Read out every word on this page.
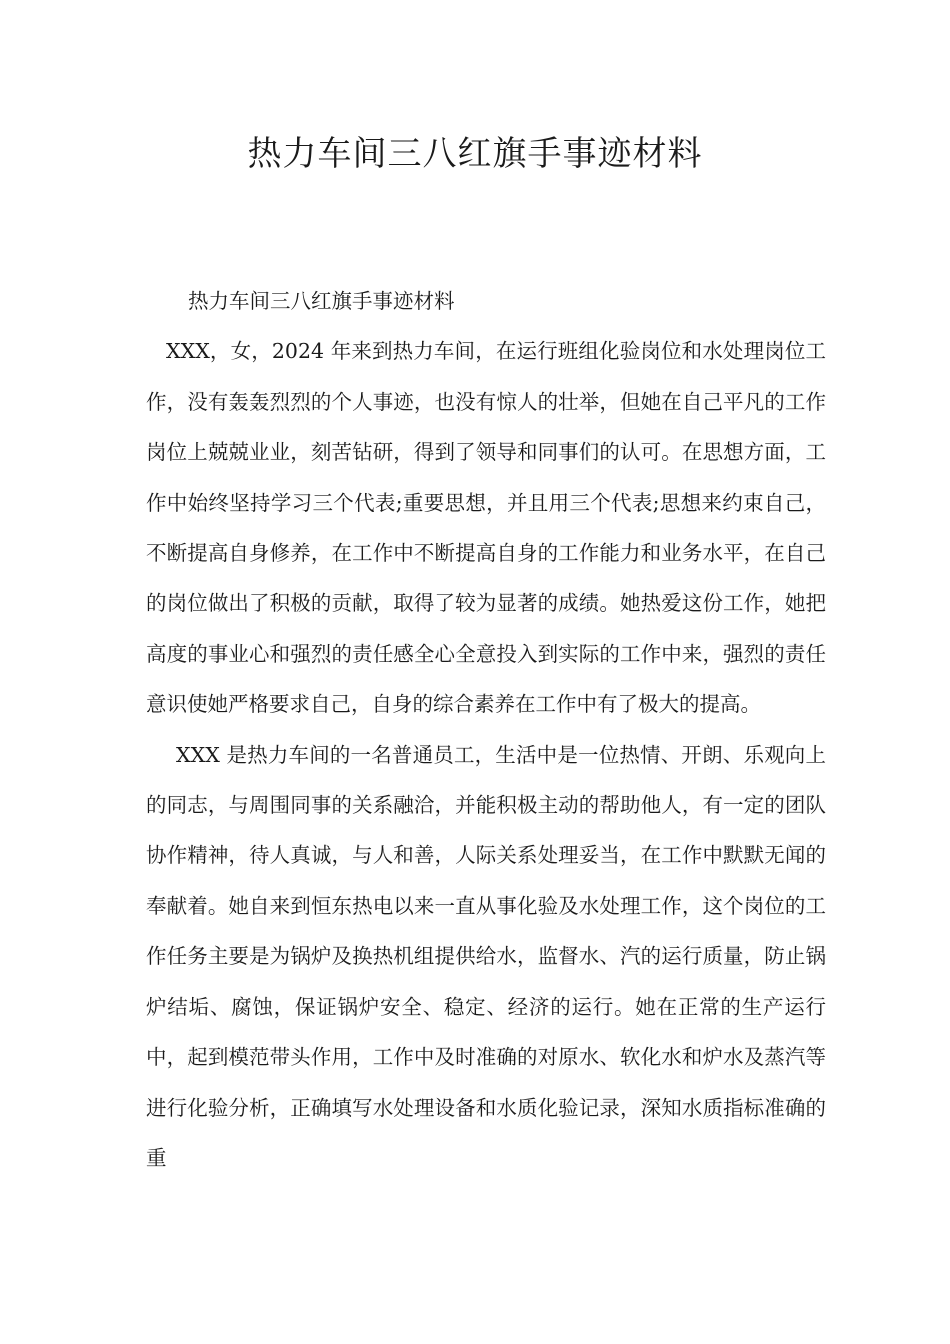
热力车间三八红旗手事迹材料

热力车间三八红旗手事迹材料

XXX，女，2024 年来到热力车间，在运行班组化验岗位和水处理岗位工作，没有轰轰烈烈的个人事迹，也没有惊人的壮举，但她在自己平凡的工作岗位上兢兢业业，刻苦钻研，得到了领导和同事们的认可。在思想方面，工作中始终坚持学习三个代表;重要思想，并且用三个代表;思想来约束自己，不断提高自身修养，在工作中不断提高自身的工作能力和业务水平，在自己的岗位做出了积极的贡献，取得了较为显著的成绩。她热爱这份工作，她把高度的事业心和强烈的责任感全心全意投入到实际的工作中来，强烈的责任意识使她严格要求自己，自身的综合素养在工作中有了极大的提高。

XXX 是热力车间的一名普通员工，生活中是一位热情、开朗、乐观向上的同志，与周围同事的关系融洽，并能积极主动的帮助他人，有一定的团队协作精神，待人真诚，与人和善，人际关系处理妥当，在工作中默默无闻的奉献着。她自来到恒东热电以来一直从事化验及水处理工作，这个岗位的工作任务主要是为锅炉及换热机组提供给水，监督水、汽的运行质量，防止锅炉结垢、腐蚀，保证锅炉安全、稳定、经济的运行。她在正常的生产运行中，起到模范带头作用，工作中及时准确的对原水、软化水和炉水及蒸汽等进行化验分析，正确填写水处理设备和水质化验记录，深知水质指标准确的重
